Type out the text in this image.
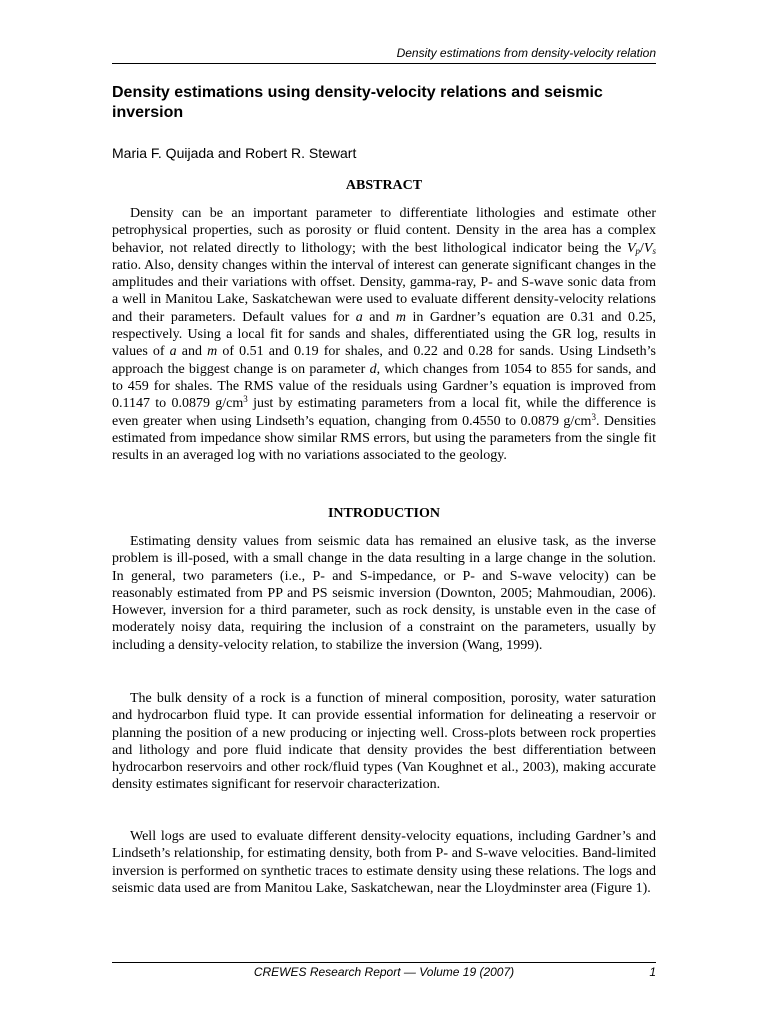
Density estimations from density-velocity relation
Density estimations using density-velocity relations and seismic inversion
Maria F. Quijada and Robert R. Stewart
ABSTRACT

Density can be an important parameter to differentiate lithologies and estimate other petrophysical properties, such as porosity or fluid content. Density in the area has a complex behavior, not related directly to lithology; with the best lithological indicator being the $V_p/V_s$ ratio. Also, density changes within the interval of interest can generate significant changes in the amplitudes and their variations with offset. Density, gamma-ray, P- and S-wave sonic data from a well in Manitou Lake, Saskatchewan were used to evaluate different density-velocity relations and their parameters. Default values for a and m in Gardner’s equation are 0.31 and 0.25, respectively. Using a local fit for sands and shales, differentiated using the GR log, results in values of a and m of 0.51 and 0.19 for shales, and 0.22 and 0.28 for sands. Using Lindseth’s approach the biggest change is on parameter d, which changes from 1054 to 855 for sands, and to 459 for shales. The RMS value of the residuals using Gardner’s equation is improved from 0.1147 to 0.0879 $g/cm^3$ just by estimating parameters from a local fit, while the difference is even greater when using Lindseth’s equation, changing from 0.4550 to 0.0879 $g/cm^3$. Densities estimated from impedance show similar RMS errors, but using the parameters from the single fit results in an averaged log with no variations associated to the geology.

INTRODUCTION

Estimating density values from seismic data has remained an elusive task, as the inverse problem is ill-posed, with a small change in the data resulting in a large change in the solution. In general, two parameters (i.e., P- and S-impedance, or P- and S-wave velocity) can be reasonably estimated from PP and PS seismic inversion (Downton, 2005; Mahmoudian, 2006). However, inversion for a third parameter, such as rock density, is unstable even in the case of moderately noisy data, requiring the inclusion of a constraint on the parameters, usually by including a density-velocity relation, to stabilize the inversion (Wang, 1999).

The bulk density of a rock is a function of mineral composition, porosity, water saturation and hydrocarbon fluid type. It can provide essential information for delineating a reservoir or planning the position of a new producing or injecting well. Cross-plots between rock properties and lithology and pore fluid indicate that density provides the best differentiation between hydrocarbon reservoirs and other rock/fluid types (Van Koughnet et al., 2003), making accurate density estimates significant for reservoir characterization.

Well logs are used to evaluate different density-velocity equations, including Gardner’s and Lindseth’s relationship, for estimating density, both from P- and S-wave velocities. Band-limited inversion is performed on synthetic traces to estimate density using these relations. The logs and seismic data used are from Manitou Lake, Saskatchewan, near the Lloydminster area (Figure 1).

CREWES Research Report — Volume 19 (2007)	1
